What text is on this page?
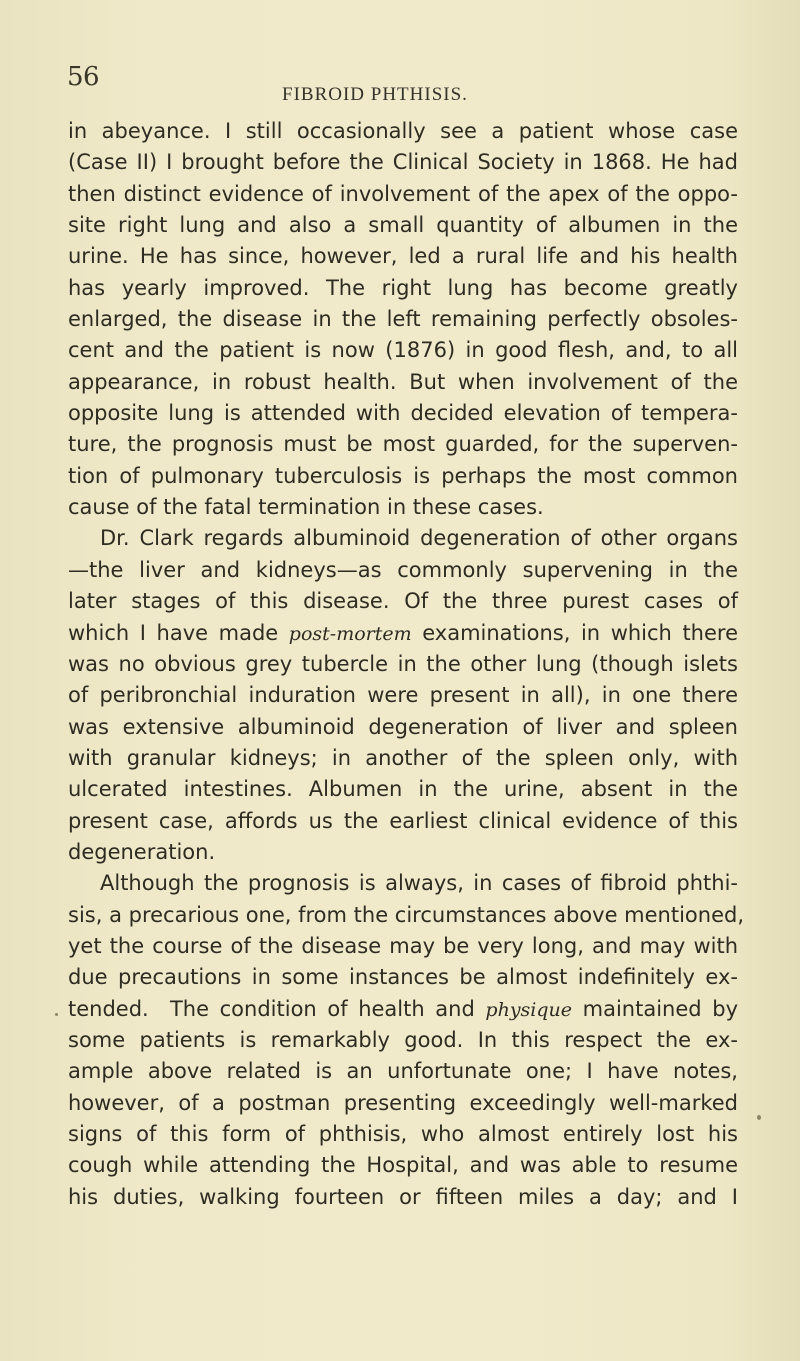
56
FIBROID PHTHISIS.
in abeyance. I still occasionally see a patient whose case
(Case II) I brought before the Clinical Society in 1868. He had
then distinct evidence of involvement of the apex of the oppo-
site right lung and also a small quantity of albumen in the
urine. He has since, however, led a rural life and his health
has yearly improved. The right lung has become greatly
enlarged, the disease in the left remaining perfectly obsoles-
cent and the patient is now (1876) in good flesh, and, to all
appearance, in robust health. But when involvement of the
opposite lung is attended with decided elevation of tempera-
ture, the prognosis must be most guarded, for the superven-
tion of pulmonary tuberculosis is perhaps the most common
cause of the fatal termination in these cases.
Dr. Clark regards albuminoid degeneration of other organs
—the liver and kidneys—as commonly supervening in the
later stages of this disease. Of the three purest cases of
which I have made post-mortem examinations, in which there
was no obvious grey tubercle in the other lung (though islets
of peribronchial induration were present in all), in one there
was extensive albuminoid degeneration of liver and spleen
with granular kidneys; in another of the spleen only, with
ulcerated intestines. Albumen in the urine, absent in the
present case, affords us the earliest clinical evidence of this
degeneration.
Although the prognosis is always, in cases of fibroid phthi-
sis, a precarious one, from the circumstances above mentioned,
yet the course of the disease may be very long, and may with
due precautions in some instances be almost indefinitely ex-
tended.  The condition of health and physique maintained by
some patients is remarkably good. In this respect the ex-
ample above related is an unfortunate one; I have notes,
however, of a postman presenting exceedingly well-marked
signs of this form of phthisis, who almost entirely lost his
cough while attending the Hospital, and was able to resume
his duties, walking fourteen or fifteen miles a day; and I
